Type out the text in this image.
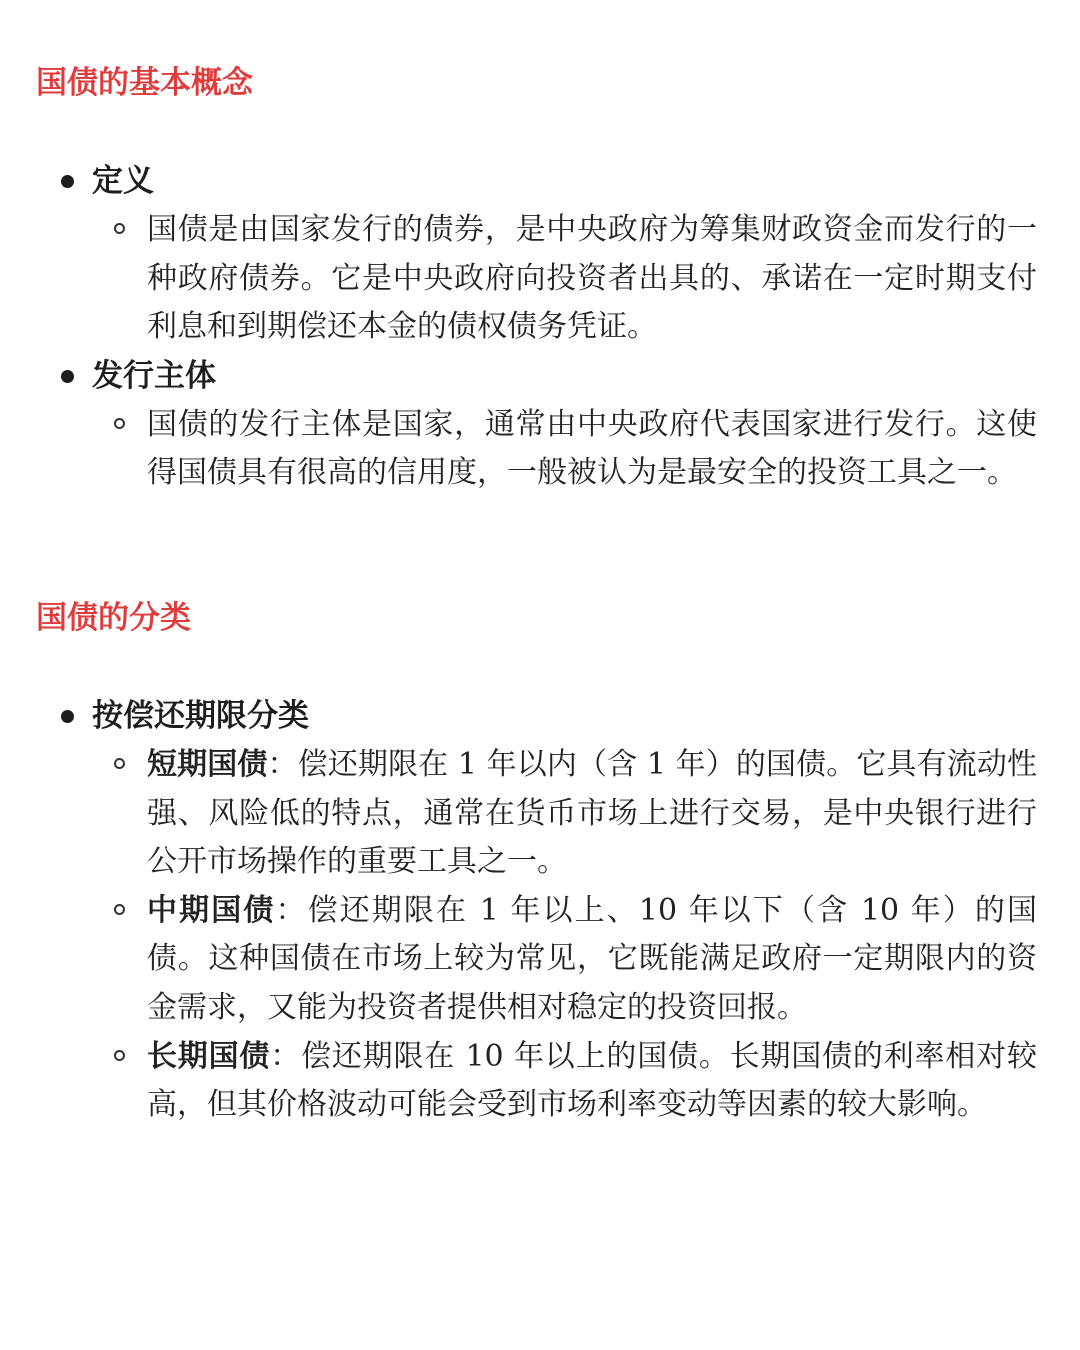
国债的基本概念
定义
国债是由国家发行的债券，是中央政府为筹集财政资金而发行的一种政府债券。它是中央政府向投资者出具的、承诺在一定时期支付利息和到期偿还本金的债权债务凭证。
发行主体
国债的发行主体是国家，通常由中央政府代表国家进行发行。这使得国债具有很高的信用度，一般被认为是最安全的投资工具之一。
国债的分类
按偿还期限分类
短期国债：偿还期限在 1 年以内（含 1 年）的国债。它具有流动性强、风险低的特点，通常在货币市场上进行交易，是中央银行进行公开市场操作的重要工具之一。
中期国债：偿还期限在 1 年以上、10 年以下（含 10 年）的国债。这种国债在市场上较为常见，它既能满足政府一定期限内的资金需求，又能为投资者提供相对稳定的投资回报。
长期国债：偿还期限在 10 年以上的国债。长期国债的利率相对较高，但其价格波动可能会受到市场利率变动等因素的较大影响。
